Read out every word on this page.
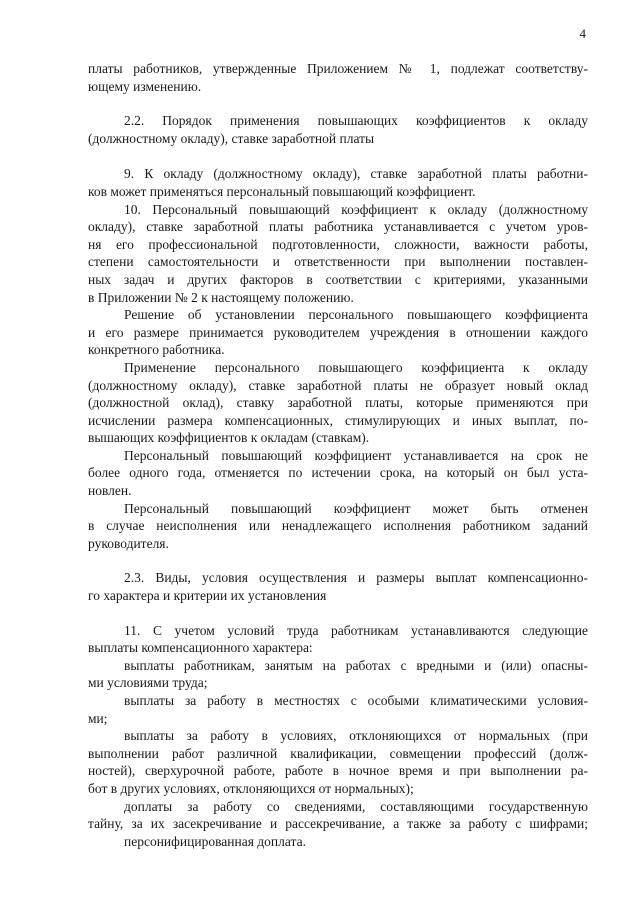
4
платы работников, утвержденные Приложением № 1, подлежат соответству-
ющему изменению.
2.2. Порядок применения повышающих коэффициентов к окладу
(должностному окладу), ставке заработной платы
9. К окладу (должностному окладу), ставке заработной платы работни-
ков может применяться персональный повышающий коэффициент.
10. Персональный повышающий коэффициент к окладу (должностному
окладу), ставке заработной платы работника устанавливается с учетом уров-
ня его профессиональной подготовленности, сложности, важности работы,
степени самостоятельности и ответственности при выполнении поставлен-
ных задач и других факторов в соответствии с критериями, указанными
в Приложении № 2 к настоящему положению.
Решение об установлении персонального повышающего коэффициента
и его размере принимается руководителем учреждения в отношении каждого
конкретного работника.
Применение персонального повышающего коэффициента к окладу
(должностному окладу), ставке заработной платы не образует новый оклад
(должностной оклад), ставку заработной платы, которые применяются при
исчислении размера компенсационных, стимулирующих и иных выплат, по-
вышающих коэффициентов к окладам (ставкам).
Персональный повышающий коэффициент устанавливается на срок не
более одного года, отменяется по истечении срока, на который он был уста-
новлен.
Персональный повышающий коэффициент может быть отменен
в случае неисполнения или ненадлежащего исполнения работником заданий
руководителя.
2.3. Виды, условия осуществления и размеры выплат компенсационно-
го характера и критерии их установления
11. С учетом условий труда работникам устанавливаются следующие
выплаты компенсационного характера:
выплаты работникам, занятым на работах с вредными и (или) опасны-
ми условиями труда;
выплаты за работу в местностях с особыми климатическими условия-
ми;
выплаты за работу в условиях, отклоняющихся от нормальных (при
выполнении работ различной квалификации, совмещении профессий (долж-
ностей), сверхурочной работе, работе в ночное время и при выполнении ра-
бот в других условиях, отклоняющихся от нормальных);
доплаты за работу со сведениями, составляющими государственную
тайну, за их засекречивание и рассекречивание, а также за работу с шифрами;
персонифицированная доплата.
